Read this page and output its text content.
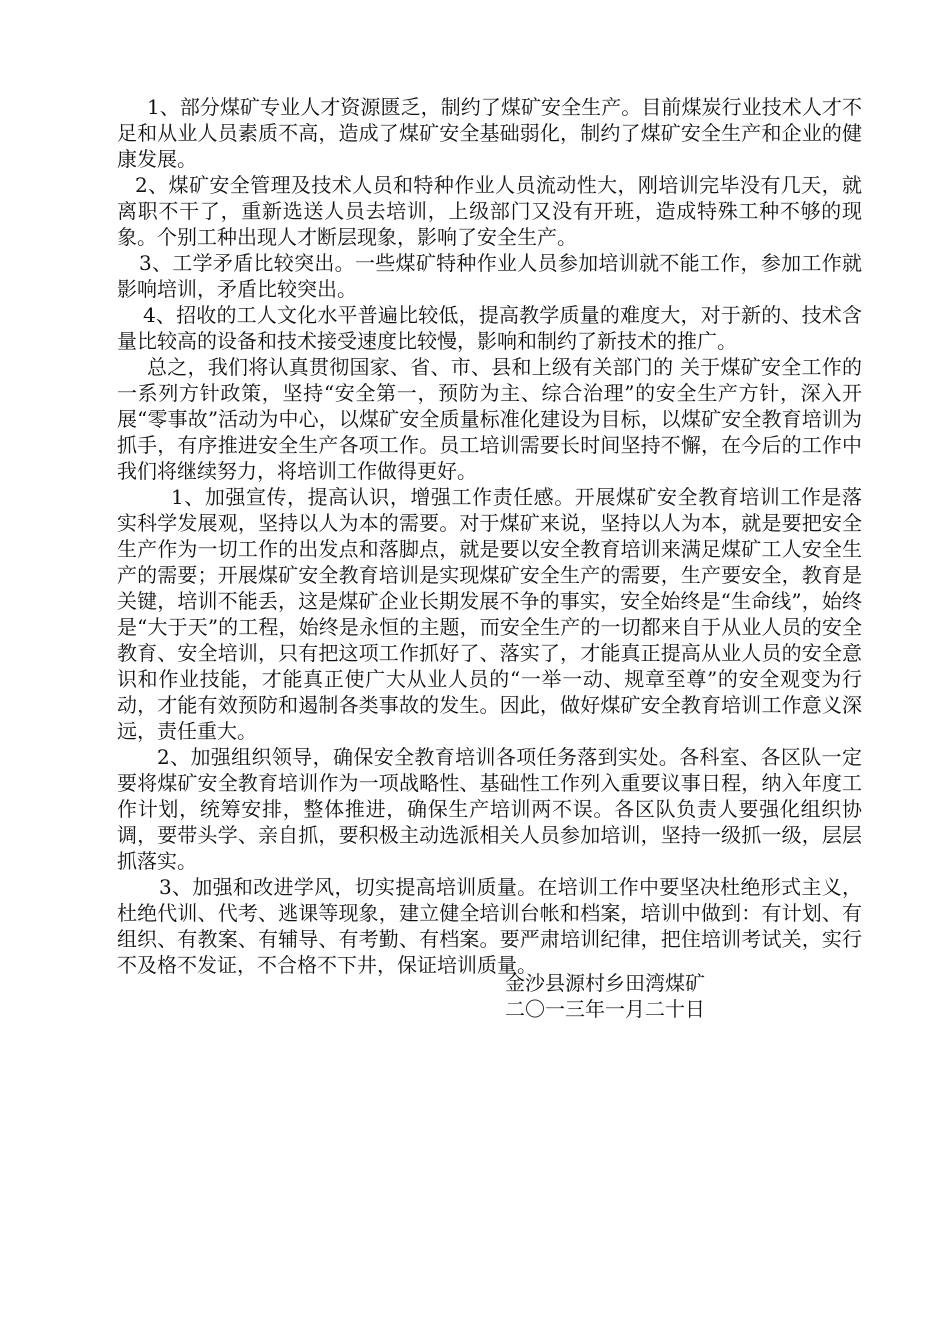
1、部分煤矿专业人才资源匮乏，制约了煤矿安全生产。目前煤炭行业技术人才不足和从业人员素质不高，造成了煤矿安全基础弱化，制约了煤矿安全生产和企业的健康发展。

2、煤矿安全管理及技术人员和特种作业人员流动性大，刚培训完毕没有几天，就离职不干了，重新选送人员去培训，上级部门又没有开班，造成特殊工种不够的现象。个别工种出现人才断层现象，影响了安全生产。

3、工学矛盾比较突出。一些煤矿特种作业人员参加培训就不能工作，参加工作就影响培训，矛盾比较突出。

4、招收的工人文化水平普遍比较低，提高教学质量的难度大，对于新的、技术含量比较高的设备和技术接受速度比较慢，影响和制约了新技术的推广。

总之，我们将认真贯彻国家、省、市、县和上级有关部门的 关于煤矿安全工作的一系列方针政策，坚持“安全第一，预防为主、综合治理”的安全生产方针，深入开展“零事故”活动为中心，以煤矿安全质量标准化建设为目标，以煤矿安全教育培训为抓手，有序推进安全生产各项工作。员工培训需要长时间坚持不懈，在今后的工作中我们将继续努力，将培训工作做得更好。

1、加强宣传，提高认识，增强工作责任感。开展煤矿安全教育培训工作是落实科学发展观，坚持以人为本的需要。对于煤矿来说，坚持以人为本，就是要把安全生产作为一切工作的出发点和落脚点，就是要以安全教育培训来满足煤矿工人安全生产的需要；开展煤矿安全教育培训是实现煤矿安全生产的需要，生产要安全，教育是关键，培训不能丢，这是煤矿企业长期发展不争的事实，安全始终是“生命线”，始终是“大于天”的工程，始终是永恒的主题，而安全生产的一切都来自于从业人员的安全教育、安全培训，只有把这项工作抓好了、落实了，才能真正提高从业人员的安全意识和作业技能，才能真正使广大从业人员的“一举一动、规章至尊”的安全观变为行动，才能有效预防和遏制各类事故的发生。因此，做好煤矿安全教育培训工作意义深远，责任重大。

2、加强组织领导，确保安全教育培训各项任务落到实处。各科室、各区队一定要将煤矿安全教育培训作为一项战略性、基础性工作列入重要议事日程，纳入年度工作计划，统筹安排，整体推进，确保生产培训两不误。各区队负责人要强化组织协调，要带头学、亲自抓，要积极主动选派相关人员参加培训，坚持一级抓一级，层层抓落实。

3、加强和改进学风，切实提高培训质量。在培训工作中要坚决杜绝形式主义，杜绝代训、代考、逃课等现象，建立健全培训台帐和档案，培训中做到：有计划、有组织、有教案、有辅导、有考勤、有档案。要严肃培训纪律，把住培训考试关，实行不及格不发证，不合格不下井，保证培训质量。

金沙县源村乡田湾煤矿
二〇一三年一月二十日
